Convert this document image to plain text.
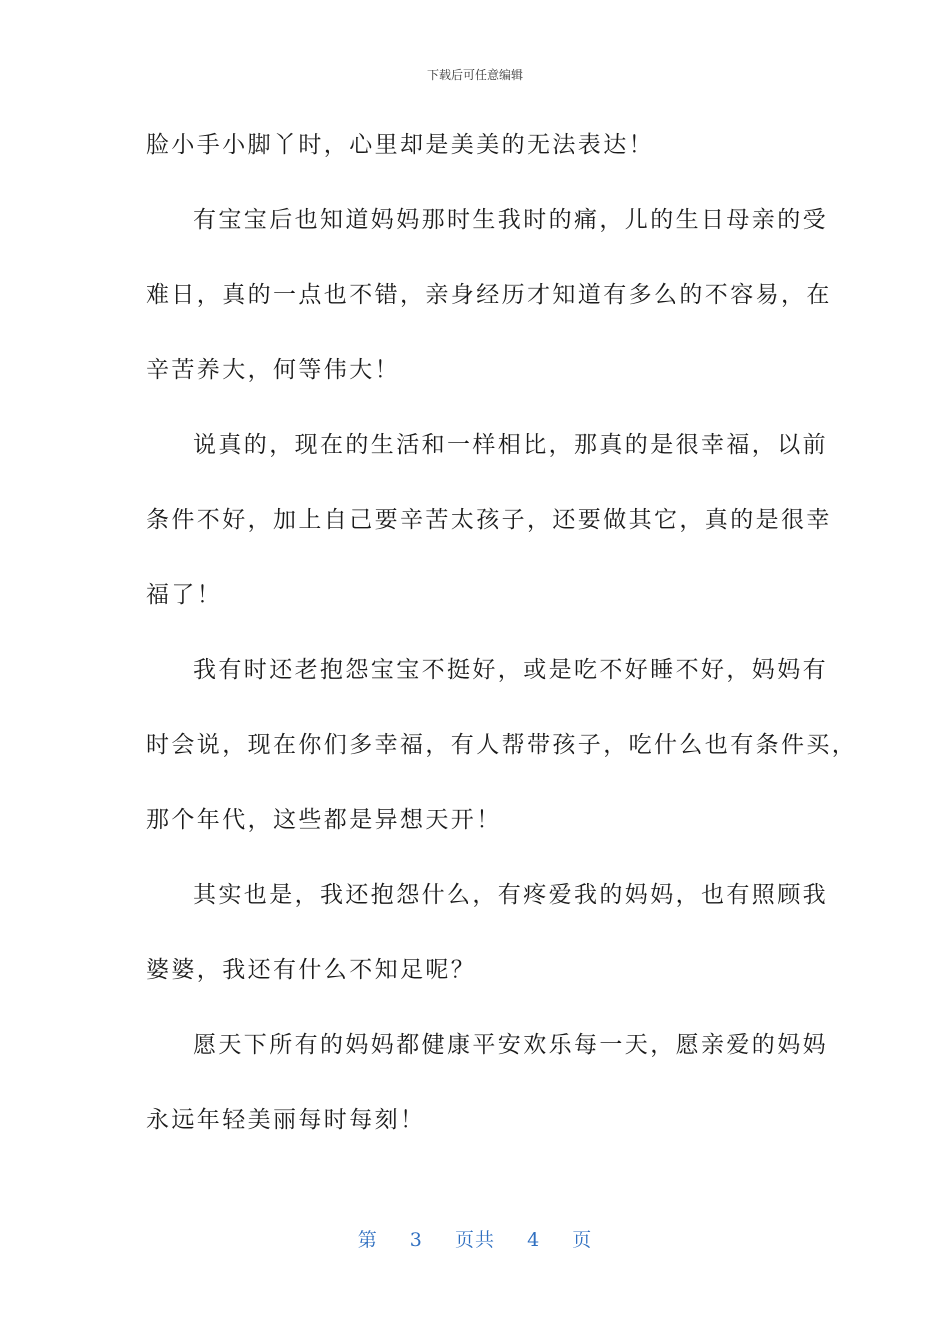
下载后可任意编辑
脸小手小脚丫时，心里却是美美的无法表达！
有宝宝后也知道妈妈那时生我时的痛，儿的生日母亲的受
难日，真的一点也不错，亲身经历才知道有多么的不容易，在
辛苦养大，何等伟大！
说真的，现在的生活和一样相比，那真的是很幸福，以前
条件不好，加上自己要辛苦太孩子，还要做其它，真的是很幸
福了！
我有时还老抱怨宝宝不挺好，或是吃不好睡不好，妈妈有
时会说，现在你们多幸福，有人帮带孩子，吃什么也有条件买，
那个年代，这些都是异想天开！
其实也是，我还抱怨什么，有疼爱我的妈妈，也有照顾我
婆婆，我还有什么不知足呢？
愿天下所有的妈妈都健康平安欢乐每一天，愿亲爱的妈妈
永远年轻美丽每时每刻！
第 3 页共 4 页
